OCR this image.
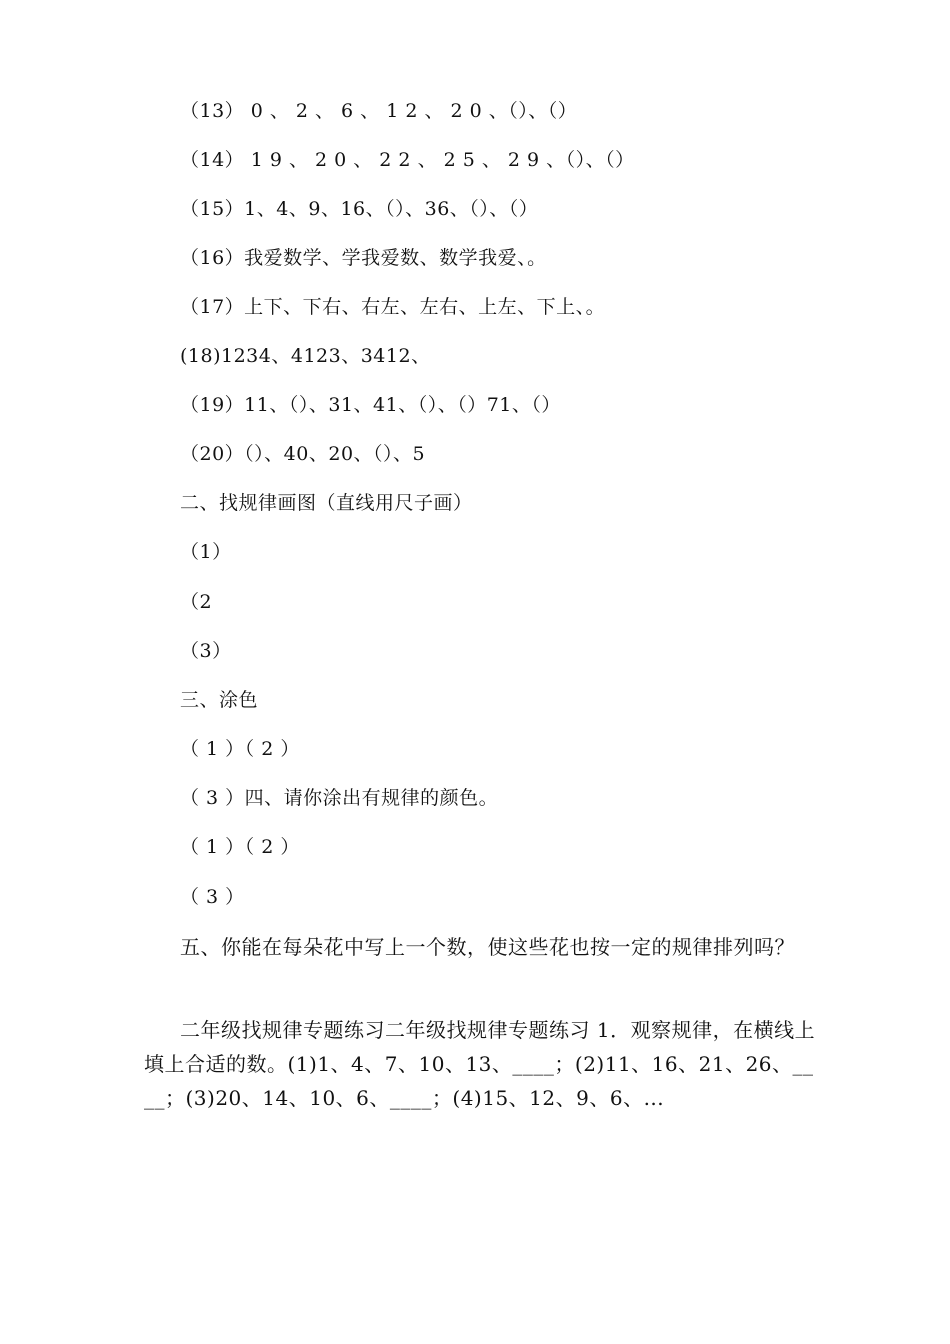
（13） 0 、 2 、 6 、 1 2 、 2 0 、（）、（）
（14） 1 9 、 2 0 、 2 2 、 2 5 、 2 9 、（）、（）
（15）1、4、9、16、（）、36、（）、（）
（16）我爱数学、学我爱数、数学我爱、。
（17）上下、下右、右左、左右、上左、下上、。
(18)1234、4123、3412、
（19）11、（）、31、41、（）、（）71、（）
（20）（）、40、20、（）、5
二、找规律画图（直线用尺子画）
（1）
（2
（3）
三、涂色
（ 1 ）（ 2 ）
（ 3 ）四、请你涂出有规律的颜色。
（ 1 ）（ 2 ）
（ 3 ）
五、你能在每朵花中写上一个数，使这些花也按一定的规律排列吗？
二年级找规律专题练习二年级找规律专题练习 1．观察规律，在横线上填上合适的数。(1)1、4、7、10、13、____；(2)11、16、21、26、____；(3)20、14、10、6、____；(4)15、12、9、6、...
